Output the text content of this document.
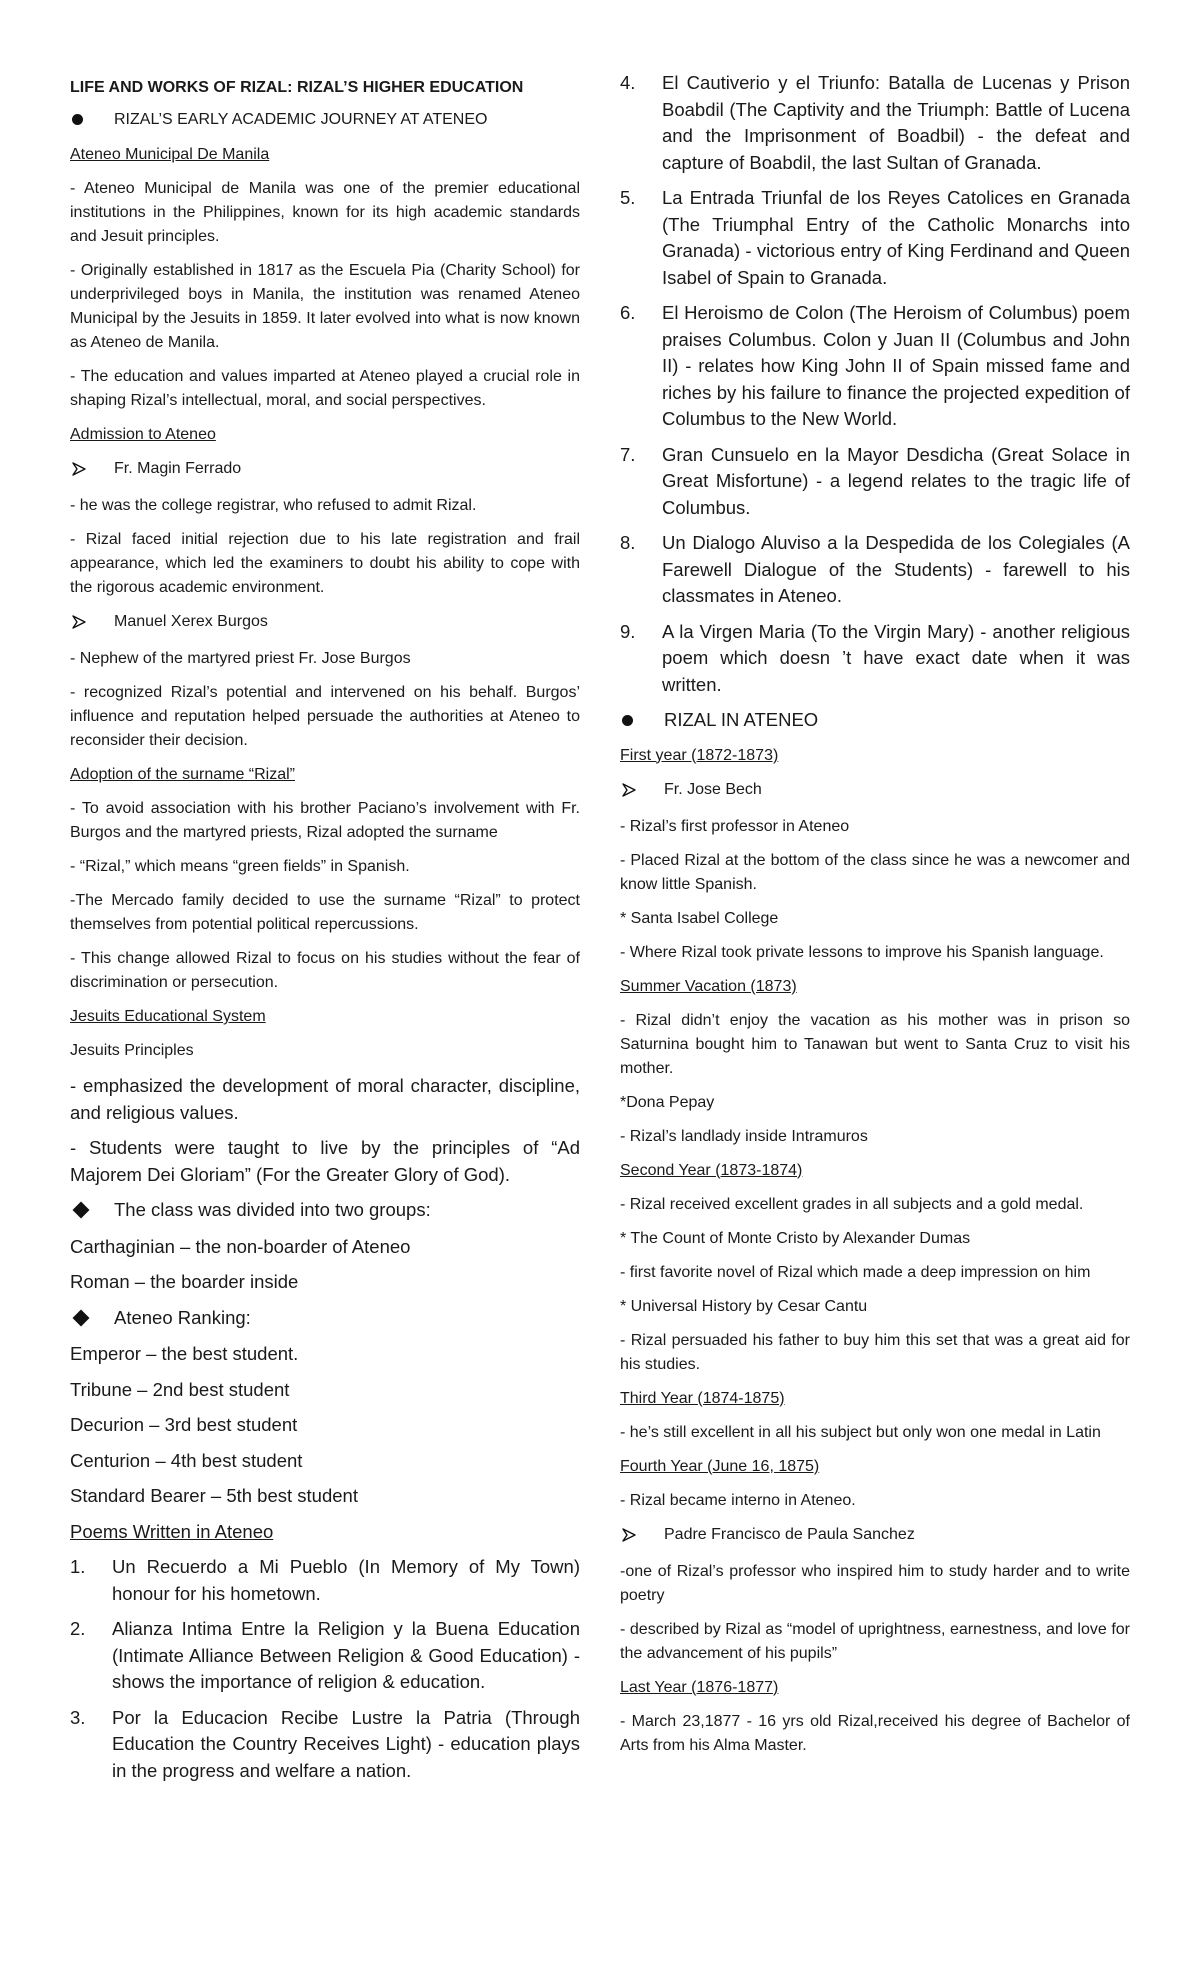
LIFE AND WORKS OF RIZAL: RIZAL’S HIGHER EDUCATION

RIZAL’S EARLY ACADEMIC JOURNEY AT ATENEO

Ateneo Municipal De Manila

- Ateneo Municipal de Manila was one of the premier educational institutions in the Philippines, known for its high academic standards and Jesuit principles.

- Originally established in 1817 as the Escuela Pia (Charity School) for underprivileged boys in Manila, the institution was renamed Ateneo Municipal by the Jesuits in 1859. It later evolved into what is now known as Ateneo de Manila.

- The education and values imparted at Ateneo played a crucial role in shaping Rizal’s intellectual, moral, and social perspectives.

Admission to Ateneo

Fr. Magin Ferrado

- he was the college registrar, who refused to admit Rizal.

- Rizal faced initial rejection due to his late registration and frail appearance, which led the examiners to doubt his ability to cope with the rigorous academic environment.

Manuel Xerex Burgos

- Nephew of the martyred priest Fr. Jose Burgos

- recognized Rizal’s potential and intervened on his behalf. Burgos’ influence and reputation helped persuade the authorities at Ateneo to reconsider their decision.

Adoption of the surname “Rizal”

- To avoid association with his brother Paciano’s involvement with Fr. Burgos and the martyred priests, Rizal adopted the surname

- “Rizal,” which means “green fields” in Spanish.

-The Mercado family decided to use the surname “Rizal” to protect themselves from potential political repercussions.

- This change allowed Rizal to focus on his studies without the fear of discrimination or persecution.

Jesuits Educational System

Jesuits Principles

- emphasized the development of moral character, discipline, and religious values.

- Students were taught to live by the principles of “Ad Majorem Dei Gloriam” (For the Greater Glory of God).

The class was divided into two groups:

Carthaginian – the non-boarder of Ateneo

Roman – the boarder inside

Ateneo Ranking:

Emperor – the best student.

Tribune – 2nd best student

Decurion – 3rd best student

Centurion – 4th best student

Standard Bearer – 5th best student

Poems Written in Ateneo

1.	Un Recuerdo a Mi Pueblo (In Memory of My Town) honour for his hometown.
2.	Alianza Intima Entre la Religion y la Buena Education (Intimate Alliance Between Religion & Good Education) - shows the importance of religion & education.
3.	Por la Educacion Recibe Lustre la Patria (Through Education the Country Receives Light) - education plays in the progress and welfare a nation.
4.	El Cautiverio y el Triunfo: Batalla de Lucenas y Prison Boabdil (The Captivity and the Triumph: Battle of Lucena and the Imprisonment of Boadbil) - the defeat and capture of Boabdil, the last Sultan of Granada.
5.	La Entrada Triunfal de los Reyes Catolices en Granada (The Triumphal Entry of the Catholic Monarchs into Granada) - victorious entry of King Ferdinand and Queen Isabel of Spain to Granada.
6.	El Heroismo de Colon (The Heroism of Columbus) poem praises Columbus. Colon y Juan II (Columbus and John II) - relates how King John II of Spain missed fame and riches by his failure to finance the projected expedition of Columbus to the New World.
7.	Gran Cunsuelo en la Mayor Desdicha (Great Solace in Great Misfortune) - a legend relates to the tragic life of Columbus.
8.	Un Dialogo Aluviso a la Despedida de los Colegiales (A Farewell Dialogue of the Students) - farewell to his classmates in Ateneo.
9.	A la Virgen Maria (To the Virgin Mary) - another religious poem which doesn ’t have exact date when it was written.
RIZAL IN ATENEO

First year (1872-1873)

Fr. Jose Bech

- Rizal’s first professor in Ateneo

- Placed Rizal at the bottom of the class since he was a newcomer and know little Spanish.

* Santa Isabel College

- Where Rizal took private lessons to improve his Spanish language.

Summer Vacation (1873)

- Rizal didn’t enjoy the vacation as his mother was in prison so Saturnina bought him to Tanawan but went to Santa Cruz to visit his mother.

*Dona Pepay

- Rizal’s landlady inside Intramuros

Second Year (1873-1874)

- Rizal received excellent grades in all subjects and a gold medal.

* The Count of Monte Cristo by Alexander Dumas

- first favorite novel of Rizal which made a deep impression on him

* Universal History by Cesar Cantu

- Rizal persuaded his father to buy him this set that was a great aid for his studies.

Third Year (1874-1875)

- he’s still excellent in all his subject but only won one medal in Latin

Fourth Year (June 16, 1875)

- Rizal became interno in Ateneo.

Padre Francisco de Paula Sanchez

-one of Rizal’s professor who inspired him to study harder and to write poetry

- described by Rizal as “model of uprightness, earnestness, and love for the advancement of his pupils”

Last Year (1876-1877)

- March 23,1877 - 16 yrs old Rizal,received his degree of Bachelor of Arts from his Alma Master.
